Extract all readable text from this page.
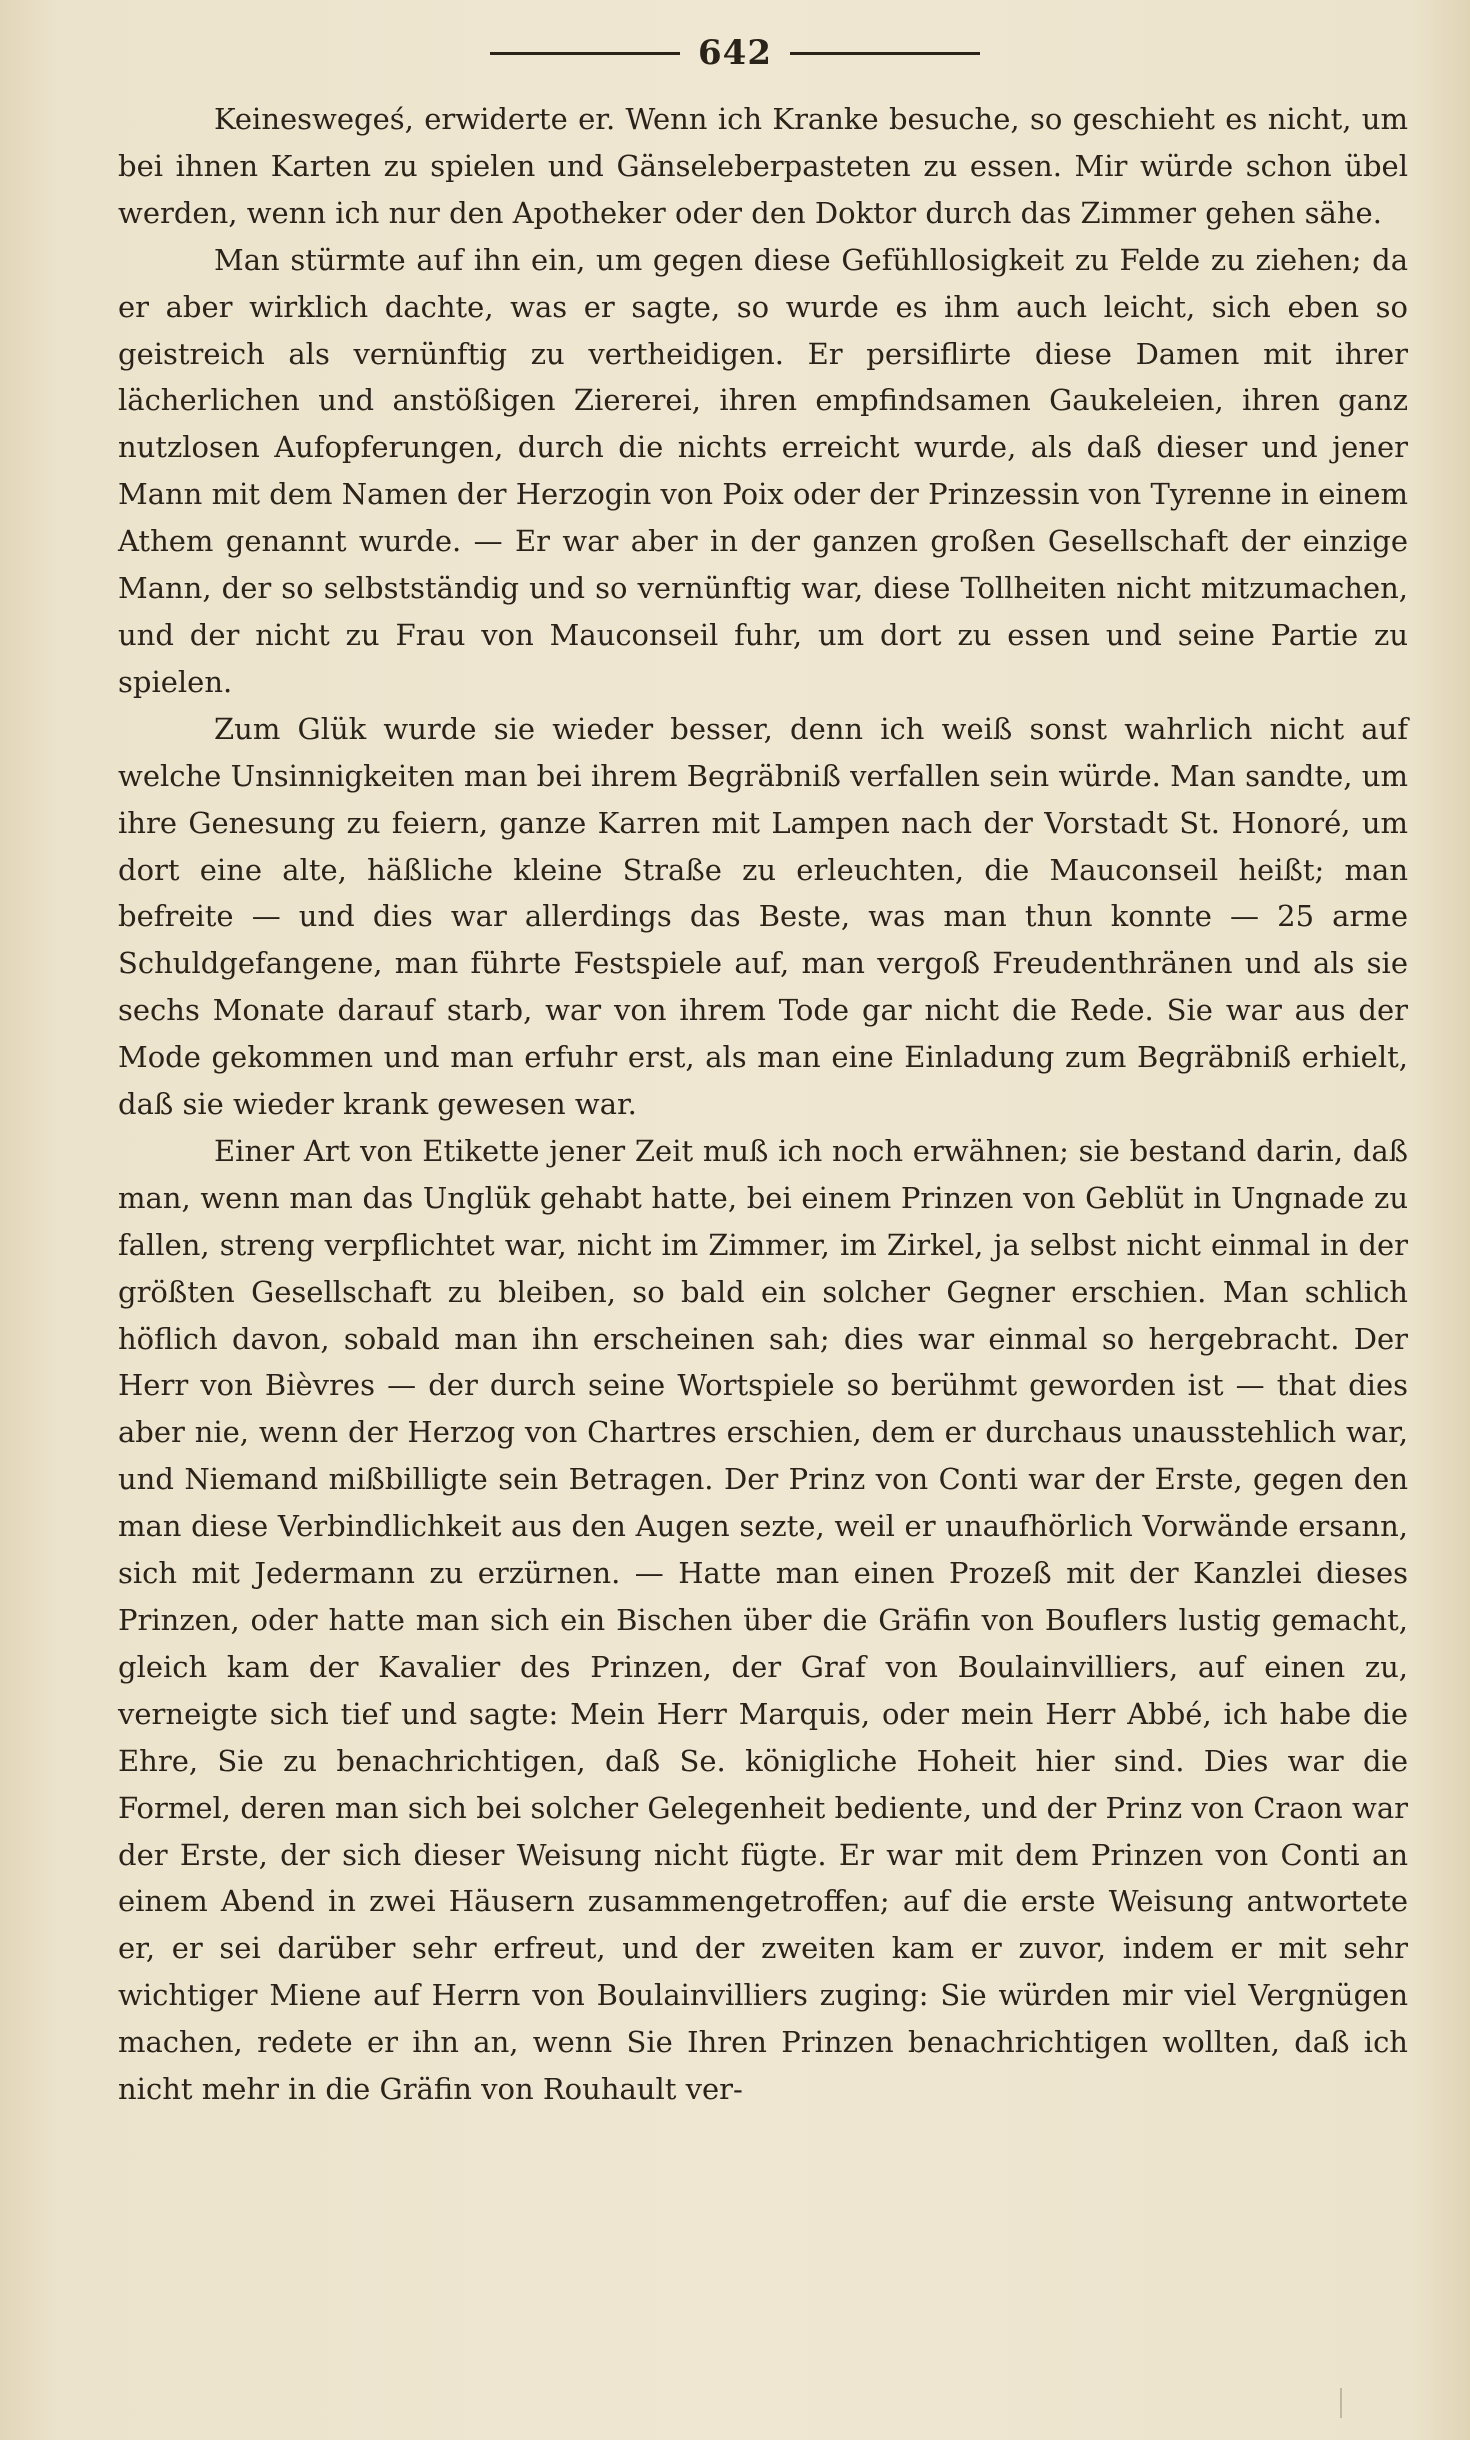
642

Keineswegeś, erwiderte er. Wenn ich Kranke besuche, so geschieht es nicht, um bei ihnen Karten zu spielen und Gänseleberpasteten zu essen. Mir würde schon übel werden, wenn ich nur den Apotheker oder den Doktor durch das Zimmer gehen sähe.

Man stürmte auf ihn ein, um gegen diese Gefühllosigkeit zu Felde zu ziehen; da er aber wirklich dachte, was er sagte, so wurde es ihm auch leicht, sich eben so geistreich als vernünftig zu vertheidigen. Er persiflirte diese Damen mit ihrer lächerlichen und anstößigen Ziererei, ihren empfindsamen Gaukeleien, ihren ganz nutzlosen Aufopferungen, durch die nichts erreicht wurde, als daß dieser und jener Mann mit dem Namen der Herzogin von Poix oder der Prinzessin von Tyrenne in einem Athem genannt wurde. — Er war aber in der ganzen großen Gesellschaft der einzige Mann, der so selbstständig und so vernünftig war, diese Tollheiten nicht mitzumachen, und der nicht zu Frau von Mauconseil fuhr, um dort zu essen und seine Partie zu spielen.

Zum Glük wurde sie wieder besser, denn ich weiß sonst wahrlich nicht auf welche Unsinnigkeiten man bei ihrem Begräbniß verfallen sein würde. Man sandte, um ihre Genesung zu feiern, ganze Karren mit Lampen nach der Vorstadt St. Honoré, um dort eine alte, häßliche kleine Straße zu erleuchten, die Mauconseil heißt; man befreite — und dies war allerdings das Beste, was man thun konnte — 25 arme Schuldgefangene, man führte Festspiele auf, man vergoß Freudenthränen und als sie sechs Monate darauf starb, war von ihrem Tode gar nicht die Rede. Sie war aus der Mode gekommen und man erfuhr erst, als man eine Einladung zum Begräbniß erhielt, daß sie wieder krank gewesen war.

Einer Art von Etikette jener Zeit muß ich noch erwähnen; sie bestand darin, daß man, wenn man das Unglük gehabt hatte, bei einem Prinzen von Geblüt in Ungnade zu fallen, streng verpflichtet war, nicht im Zimmer, im Zirkel, ja selbst nicht einmal in der größten Gesellschaft zu bleiben, so bald ein solcher Gegner erschien. Man schlich höflich davon, sobald man ihn erscheinen sah; dies war einmal so hergebracht. Der Herr von Bièvres — der durch seine Wortspiele so berühmt geworden ist — that dies aber nie, wenn der Herzog von Chartres erschien, dem er durchaus unausstehlich war, und Niemand mißbilligte sein Betragen. Der Prinz von Conti war der Erste, gegen den man diese Verbindlichkeit aus den Augen sezte, weil er unaufhörlich Vorwände ersann, sich mit Jedermann zu erzürnen. — Hatte man einen Prozeß mit der Kanzlei dieses Prinzen, oder hatte man sich ein Bischen über die Gräfin von Bouflers lustig gemacht, gleich kam der Kavalier des Prinzen, der Graf von Boulainvilliers, auf einen zu, verneigte sich tief und sagte: Mein Herr Marquis, oder mein Herr Abbé, ich habe die Ehre, Sie zu benachrichtigen, daß Se. königliche Hoheit hier sind. Dies war die Formel, deren man sich bei solcher Gelegenheit bediente, und der Prinz von Craon war der Erste, der sich dieser Weisung nicht fügte. Er war mit dem Prinzen von Conti an einem Abend in zwei Häusern zusammengetroffen; auf die erste Weisung antwortete er, er sei darüber sehr erfreut, und der zweiten kam er zuvor, indem er mit sehr wichtiger Miene auf Herrn von Boulainvilliers zuging: Sie würden mir viel Vergnügen machen, redete er ihn an, wenn Sie Ihren Prinzen benachrichtigen wollten, daß ich nicht mehr in die Gräfin von Rouhault ver-
